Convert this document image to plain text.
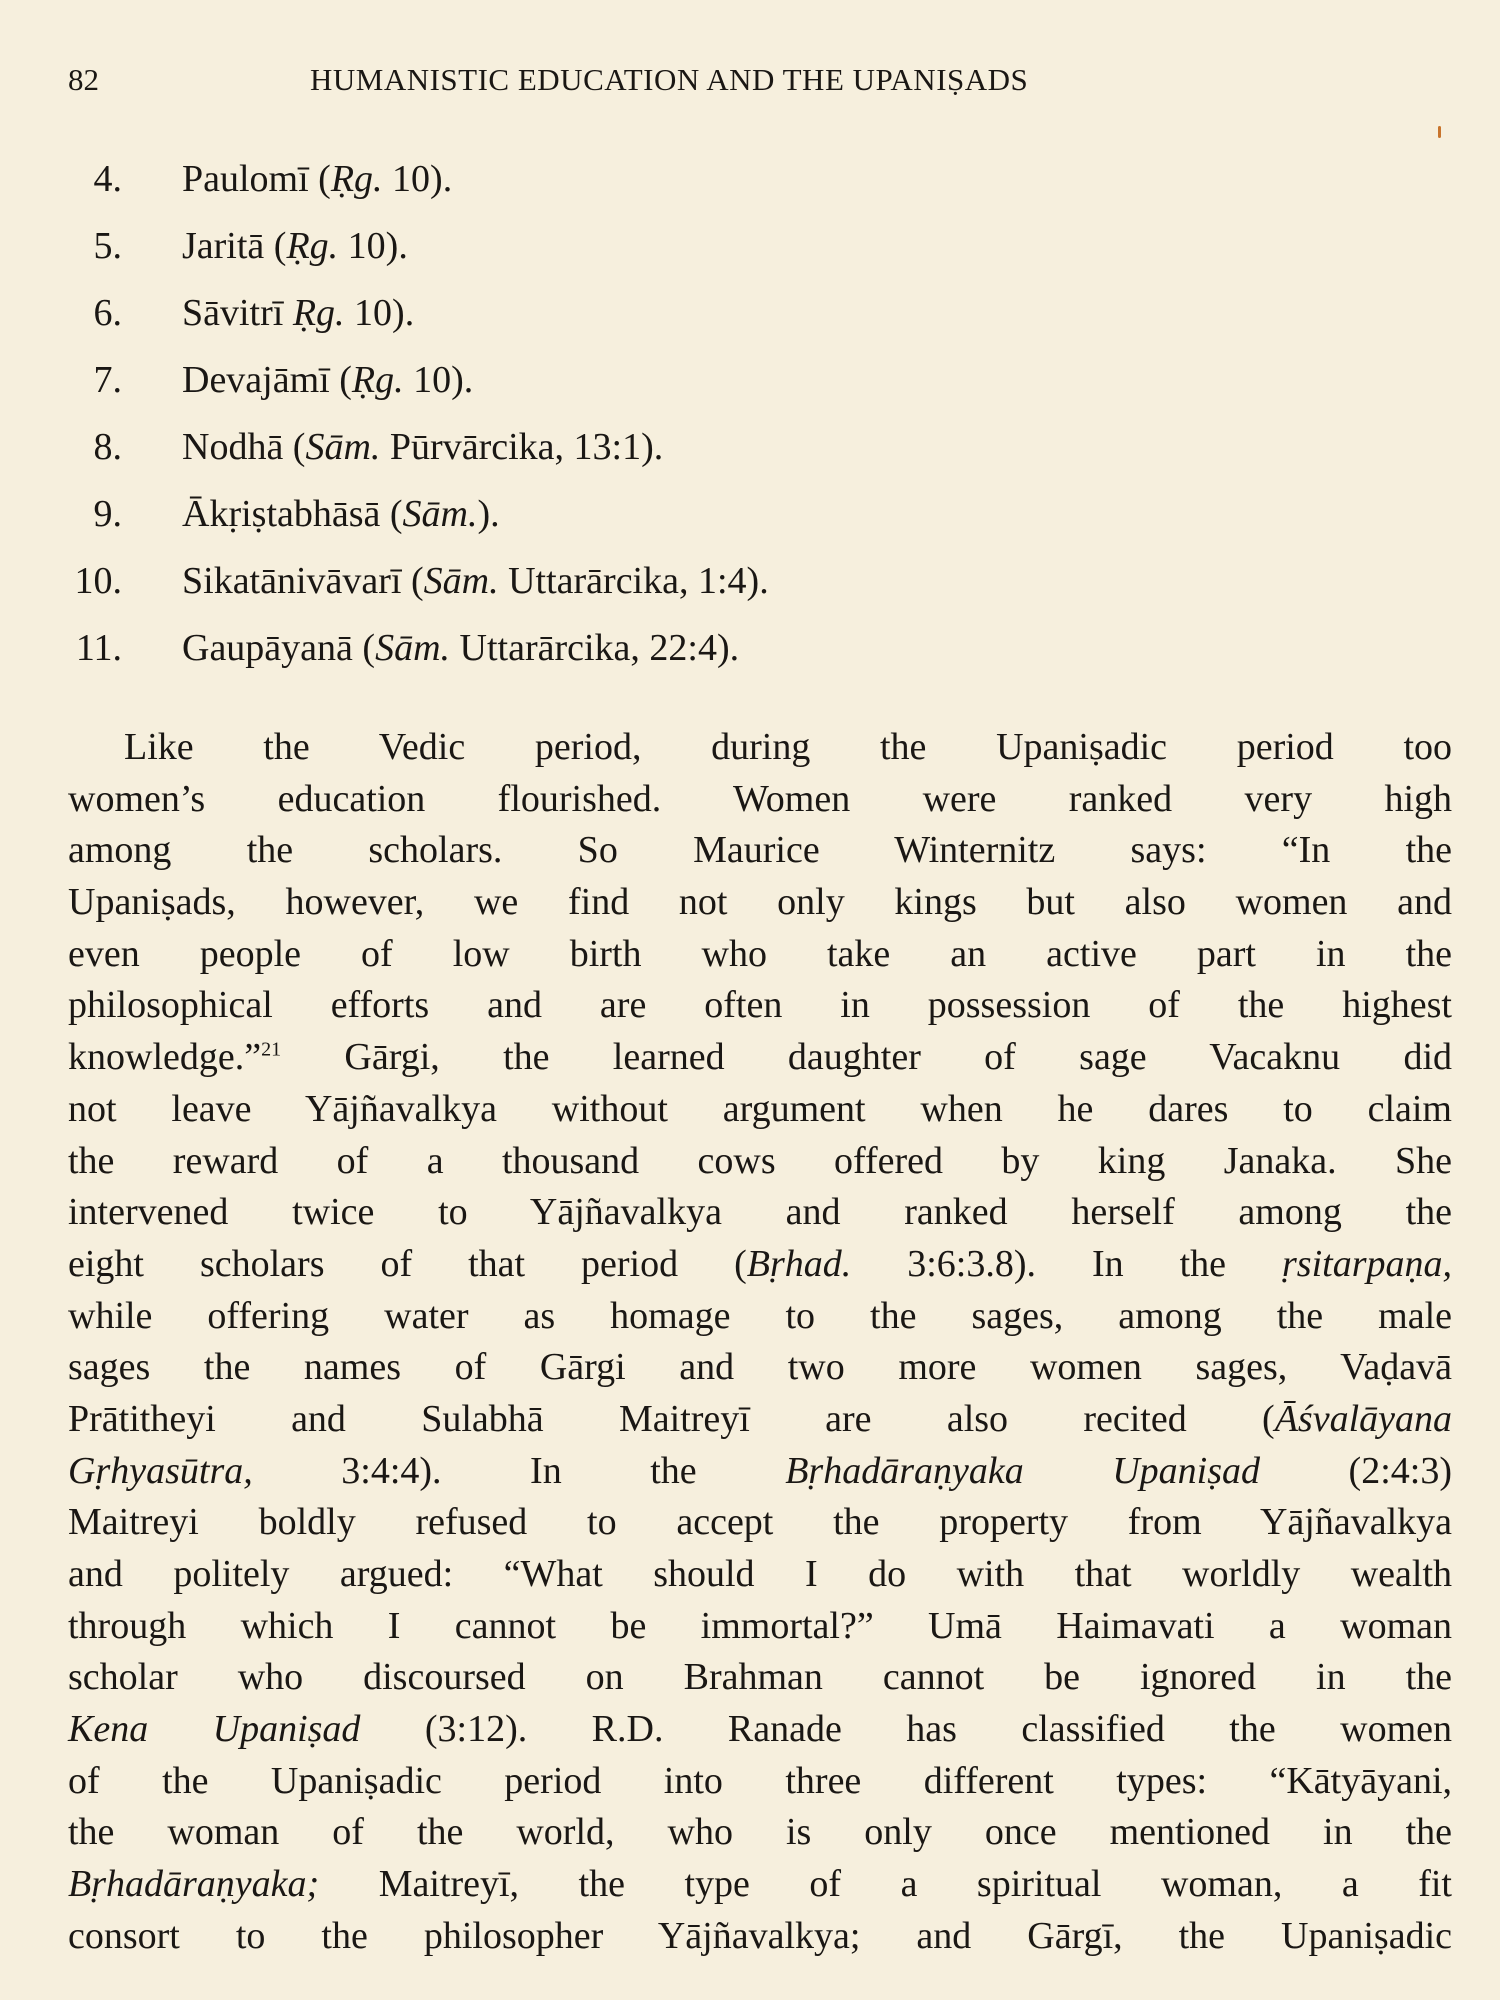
82	HUMANISTIC EDUCATION AND THE UPANIṢADS
4. Paulomī (Ṛg. 10).
5. Jaritā (Ṛg. 10).
6. Sāvitrī Ṛg. 10).
7. Devajāmī (Ṛg. 10).
8. Nodhā (Sām. Pūrvārcika, 13:1).
9. Ākṛiṣtabhāsā (Sām.).
10. Sikatānivāvarī (Sām. Uttarārcika, 1:4).
11. Gaupāyanā (Sām. Uttarārcika, 22:4).
Like the Vedic period, during the Upaniṣadic period too
women’s education flourished. Women were ranked very high
among the scholars. So Maurice Winternitz says: “In the
Upaniṣads, however, we find not only kings but also women and
even people of low birth who take an active part in the
philosophical efforts and are often in possession of the highest
knowledge.”$^{21}$ Gārgi, the learned daughter of sage Vacaknu did
not leave Yājñavalkya without argument when he dares to claim
the reward of a thousand cows offered by king Janaka. She
intervened twice to Yājñavalkya and ranked herself among the
eight scholars of that period (Bṛhad. 3:6:3.8). In the ṛsitarpaṇa,
while offering water as homage to the sages, among the male
sages the names of Gārgi and two more women sages, Vaḍavā
Prātitheyi and Sulabhā Maitreyī are also recited (Āśvalāyana
Gṛhyasūtra, 3:4:4). In the Bṛhadāraṇyaka Upaniṣad (2:4:3)
Maitreyi boldly refused to accept the property from Yājñavalkya
and politely argued: “What should I do with that worldly wealth
through which I cannot be immortal?” Umā Haimavati a woman
scholar who discoursed on Brahman cannot be ignored in the
Kena Upaniṣad (3:12). R.D. Ranade has classified the women
of the Upaniṣadic period into three different types: “Kātyāyani,
the woman of the world, who is only once mentioned in the
Bṛhadāraṇyaka; Maitreyī, the type of a spiritual woman, a fit
consort to the philosopher Yājñavalkya; and Gārgī, the Upaniṣadic
